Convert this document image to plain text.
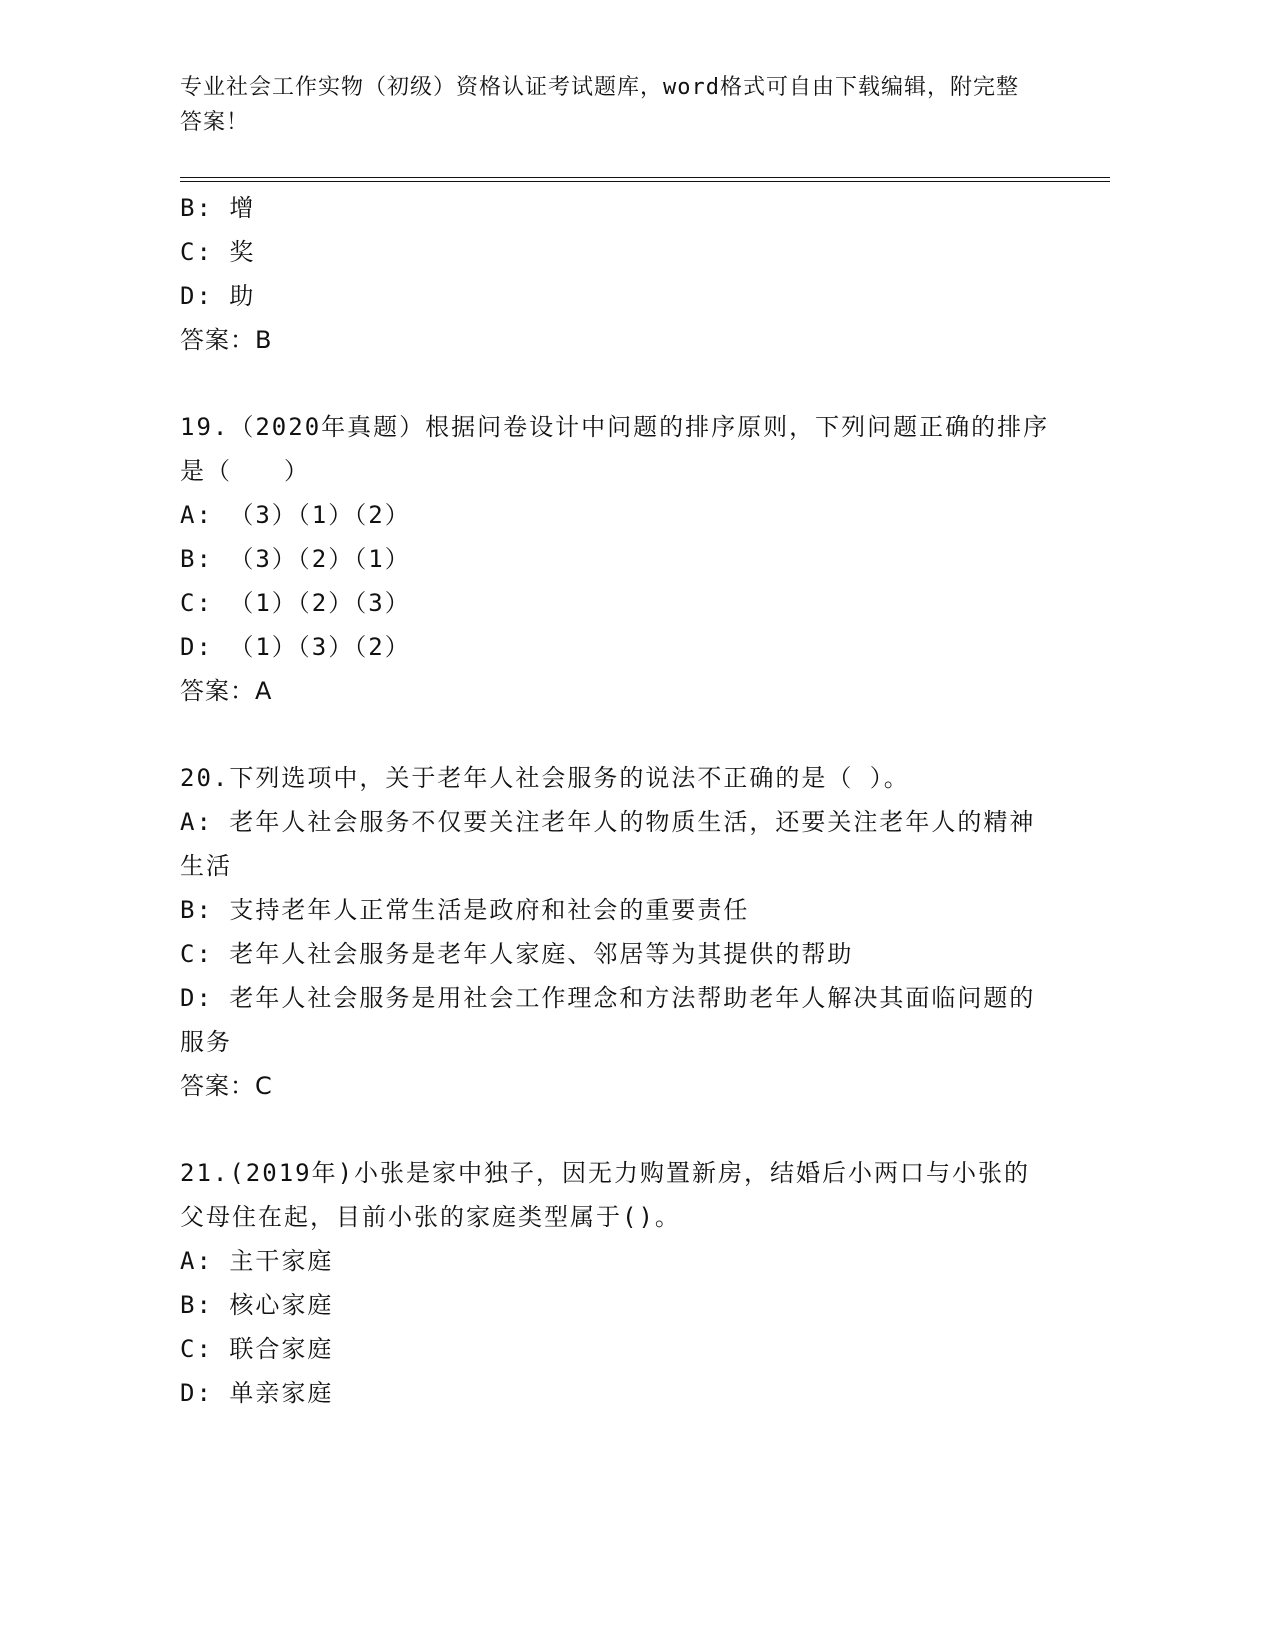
专业社会工作实物（初级）资格认证考试题库，word格式可自由下载编辑，附完整答案！
B: 增
C: 奖
D: 助
答案：B
19.（2020年真题）根据问卷设计中问题的排序原则，下列问题正确的排序是（　　）
A: （3）（1）（2）
B: （3）（2）（1）
C: （1）（2）（3）
D: （1）（3）（2）
答案：A
20.下列选项中，关于老年人社会服务的说法不正确的是（ ）。
A: 老年人社会服务不仅要关注老年人的物质生活，还要关注老年人的精神生活
B: 支持老年人正常生活是政府和社会的重要责任
C: 老年人社会服务是老年人家庭、邻居等为其提供的帮助
D: 老年人社会服务是用社会工作理念和方法帮助老年人解决其面临问题的服务
答案：C
21.(2019年)小张是家中独子，因无力购置新房，结婚后小两口与小张的父母住在起，目前小张的家庭类型属于()。
A: 主干家庭
B: 核心家庭
C: 联合家庭
D: 单亲家庭
